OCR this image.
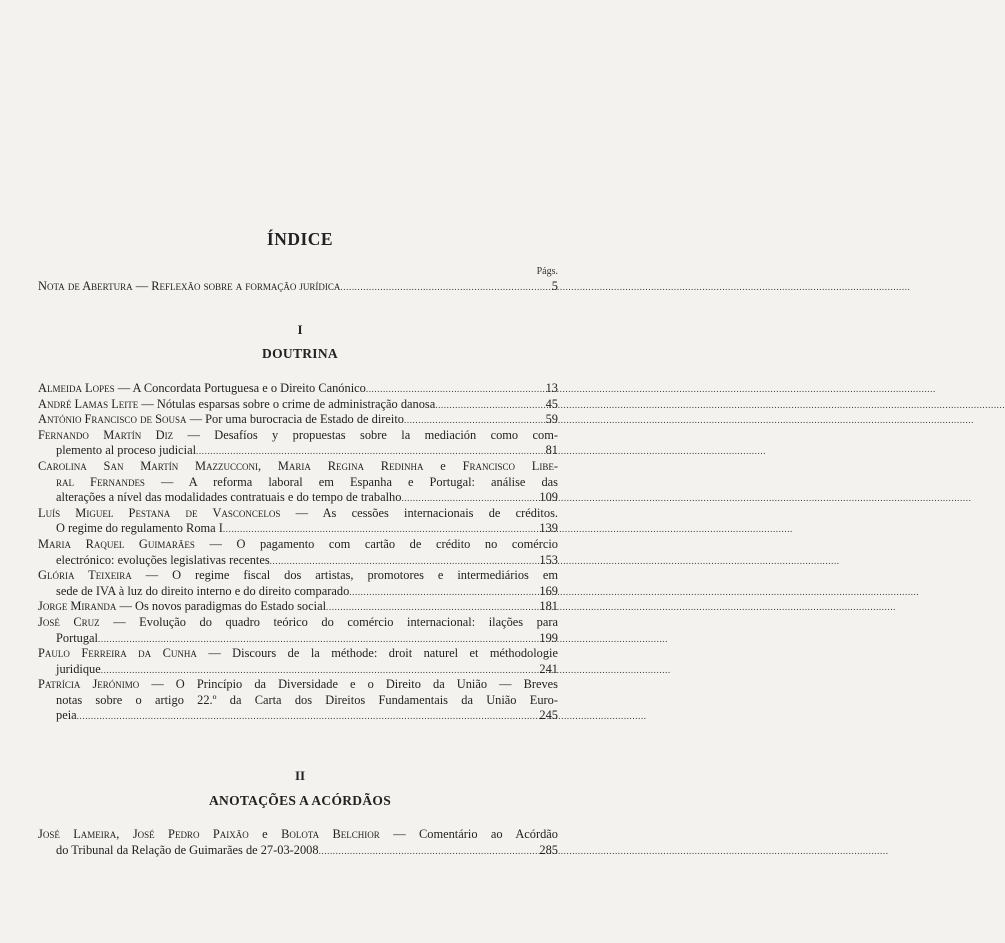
ÍNDICE
Págs.
Nota de Abertura — Reflexão sobre a formação jurídica .....	5
I
DOUTRINA
Almeida Lopes — A Concordata Portuguesa e o Direito Canónico .....	13
André Lamas Leite — Nótulas esparsas sobre o crime de administração danosa .....	45
António Francisco de Sousa — Por uma burocracia de Estado de direito .....	59
Fernando Martín Diz — Desafíos y propuestas sobre la mediación como com-
plemento al proceso judicial .....	81
Carolina San Martín Mazzucconi, Maria Regina Redinha e Francisco Libe-
ral Fernandes — A reforma laboral em Espanha e Portugal: análise das
alterações a nível das modalidades contratuais e do tempo de trabalho .....	109
Luís Miguel Pestana de Vasconcelos — As cessões internacionais de créditos.
O regime do regulamento Roma I .....	139
Maria Raquel Guimarães — O pagamento com cartão de crédito no comércio
electrónico: evoluções legislativas recentes .....	153
Glória Teixeira — O regime fiscal dos artistas, promotores e intermediários em
sede de IVA à luz do direito interno e do direito comparado .....	169
Jorge Miranda — Os novos paradigmas do Estado social .....	181
José Cruz — Evolução do quadro teórico do comércio internacional: ilações para
Portugal .....	199
Paulo Ferreira da Cunha — Discours de la méthode: droit naturel et méthodologie
juridique .....	241
Patrícia Jerónimo — O Princípio da Diversidade e o Direito da União — Breves
notas sobre o artigo 22.º da Carta dos Direitos Fundamentais da União Euro-
peia .....	245
II
ANOTAÇÕES A ACÓRDÃOS
José Lameira, José Pedro Paixão e Bolota Belchior — Comentário ao Acórdão
do Tribunal da Relação de Guimarães de 27-03-2008 .....	285
